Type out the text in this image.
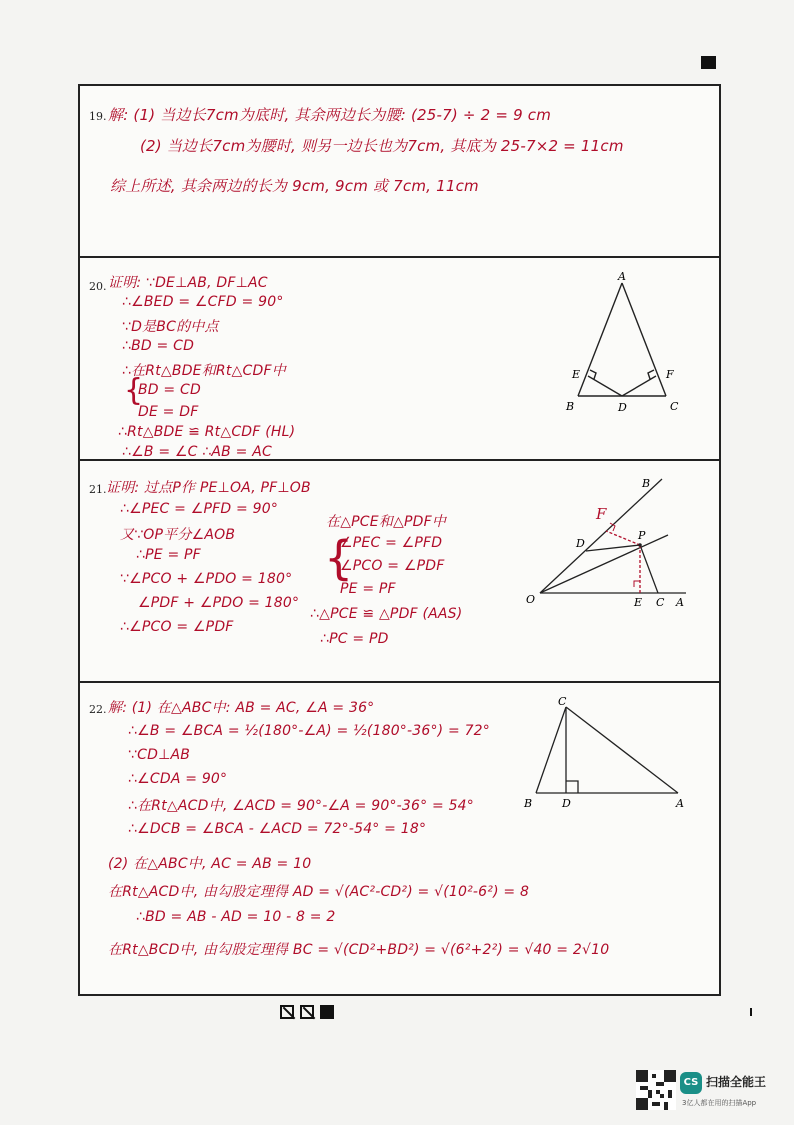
19. 解: (1) 当边长7cm为底时, 其余两边长为腰: (25-7) ÷ 2 = 9 cm
(2) 当边长7cm为腰时, 则另一边长也为7cm, 其底为 25-7×2 = 11cm
综上所述, 其余两边的长为 9cm, 9cm 或 7cm, 11cm
20. 证明: ∵DE⊥AB, DF⊥AC
∴∠BED = ∠CFD = 90°
∵D是BC的中点
∴BD = CD
∴在Rt△BDE和Rt△CDF中
{
BD = CD
DE = DF
∴Rt△BDE ≌ Rt△CDF (HL)
∴∠B = ∠C ∴AB = AC
A
B	C
D
E	F
21. 证明: 过点P作 PE⊥OA, PF⊥OB
∴∠PEC = ∠PFD = 90°
又∵OP平分∠AOB
∴PE = PF
∵∠PCO + ∠PDO = 180°
∠PDF + ∠PDO = 180°
∴∠PCO = ∠PDF
在△PCE和△PDF中
{
∠PEC = ∠PFD
∠PCO = ∠PDF
PE = PF
∴△PCE ≌ △PDF (AAS)
∴PC = PD
B
F
D
P
O	E C A
22. 解: (1) 在△ABC中: AB = AC, ∠A = 36°
∴∠B = ∠BCA = ½(180°-∠A) = ½(180°-36°) = 72°
∵CD⊥AB
∴∠CDA = 90°
∴在Rt△ACD中, ∠ACD = 90°-∠A = 90°-36° = 54°
∴∠DCB = ∠BCA - ∠ACD = 72°-54° = 18°
(2) 在△ABC中, AC = AB = 10
在Rt△ACD中, 由勾股定理得 AD = √(AC²-CD²) = √(10²-6²) = 8
∴BD = AB - AD = 10 - 8 = 2
在Rt△BCD中, 由勾股定理得 BC = √(CD²+BD²) = √(6²+2²) = √40 = 2√10
C
B	D	A
CS 扫描全能王
3亿人都在用的扫描App
